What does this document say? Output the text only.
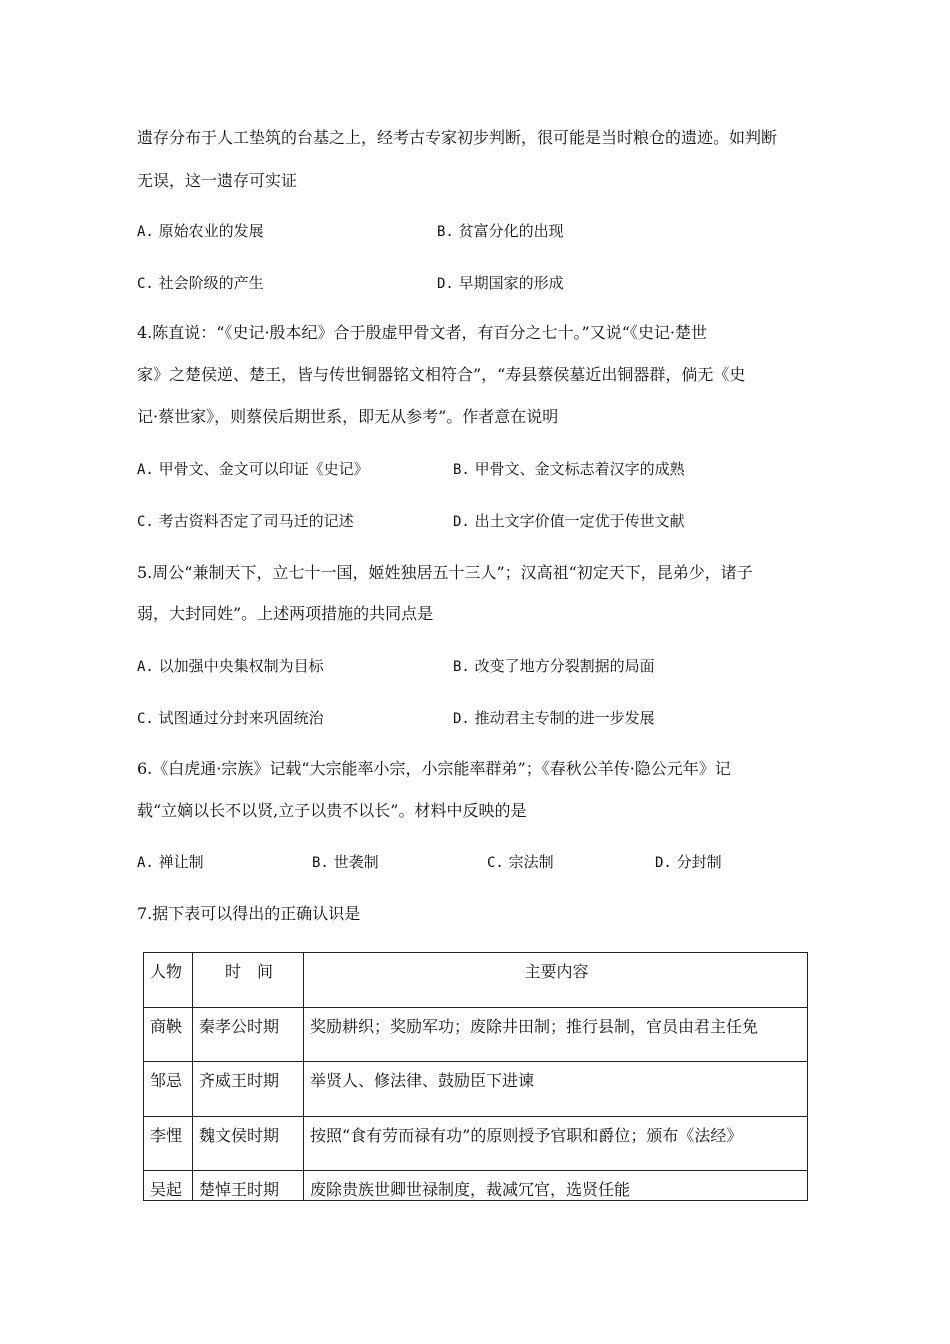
遗存分布于人工垫筑的台基之上，经考古专家初步判断，很可能是当时粮仓的遗迹。如判断
无误，这一遗存可实证
A. 原始农业的发展	B. 贫富分化的出现
C. 社会阶级的产生	D. 早期国家的形成
4.陈直说：“《史记·殷本纪》合于殷虚甲骨文者，有百分之七十。”又说“《史记·楚世
家》之楚侯逆、楚王，皆与传世铜器铭文相符合”，“寿县蔡侯墓近出铜器群，倘无《史
记·蔡世家》，则蔡侯后期世系，即无从参考”。作者意在说明
A. 甲骨文、金文可以印证《史记》	B. 甲骨文、金文标志着汉字的成熟
C. 考古资料否定了司马迁的记述	D. 出土文字价值一定优于传世文献
5.周公“兼制天下，立七十一国，姬姓独居五十三人”；汉高祖“初定天下，昆弟少，诸子
弱，大封同姓”。上述两项措施的共同点是
A. 以加强中央集权制为目标	B. 改变了地方分裂割据的局面
C. 试图通过分封来巩固统治	D. 推动君主专制的进一步发展
6.《白虎通·宗族》记载“大宗能率小宗，小宗能率群弟”；《春秋公羊传·隐公元年》记
载“立嫡以长不以贤,立子以贵不以长”。材料中反映的是
A. 禅让制	B. 世袭制	C. 宗法制	D. 分封制
7.据下表可以得出的正确认识是
人物	时　间	主要内容
商鞅	秦孝公时期	奖励耕织；奖励军功；废除井田制；推行县制，官员由君主任免
邹忌	齐威王时期	举贤人、修法律、鼓励臣下进谏
李悝	魏文侯时期	按照“食有劳而禄有功”的原则授予官职和爵位；颁布《法经》
吴起	楚悼王时期	废除贵族世卿世禄制度，裁减冗官，选贤任能
